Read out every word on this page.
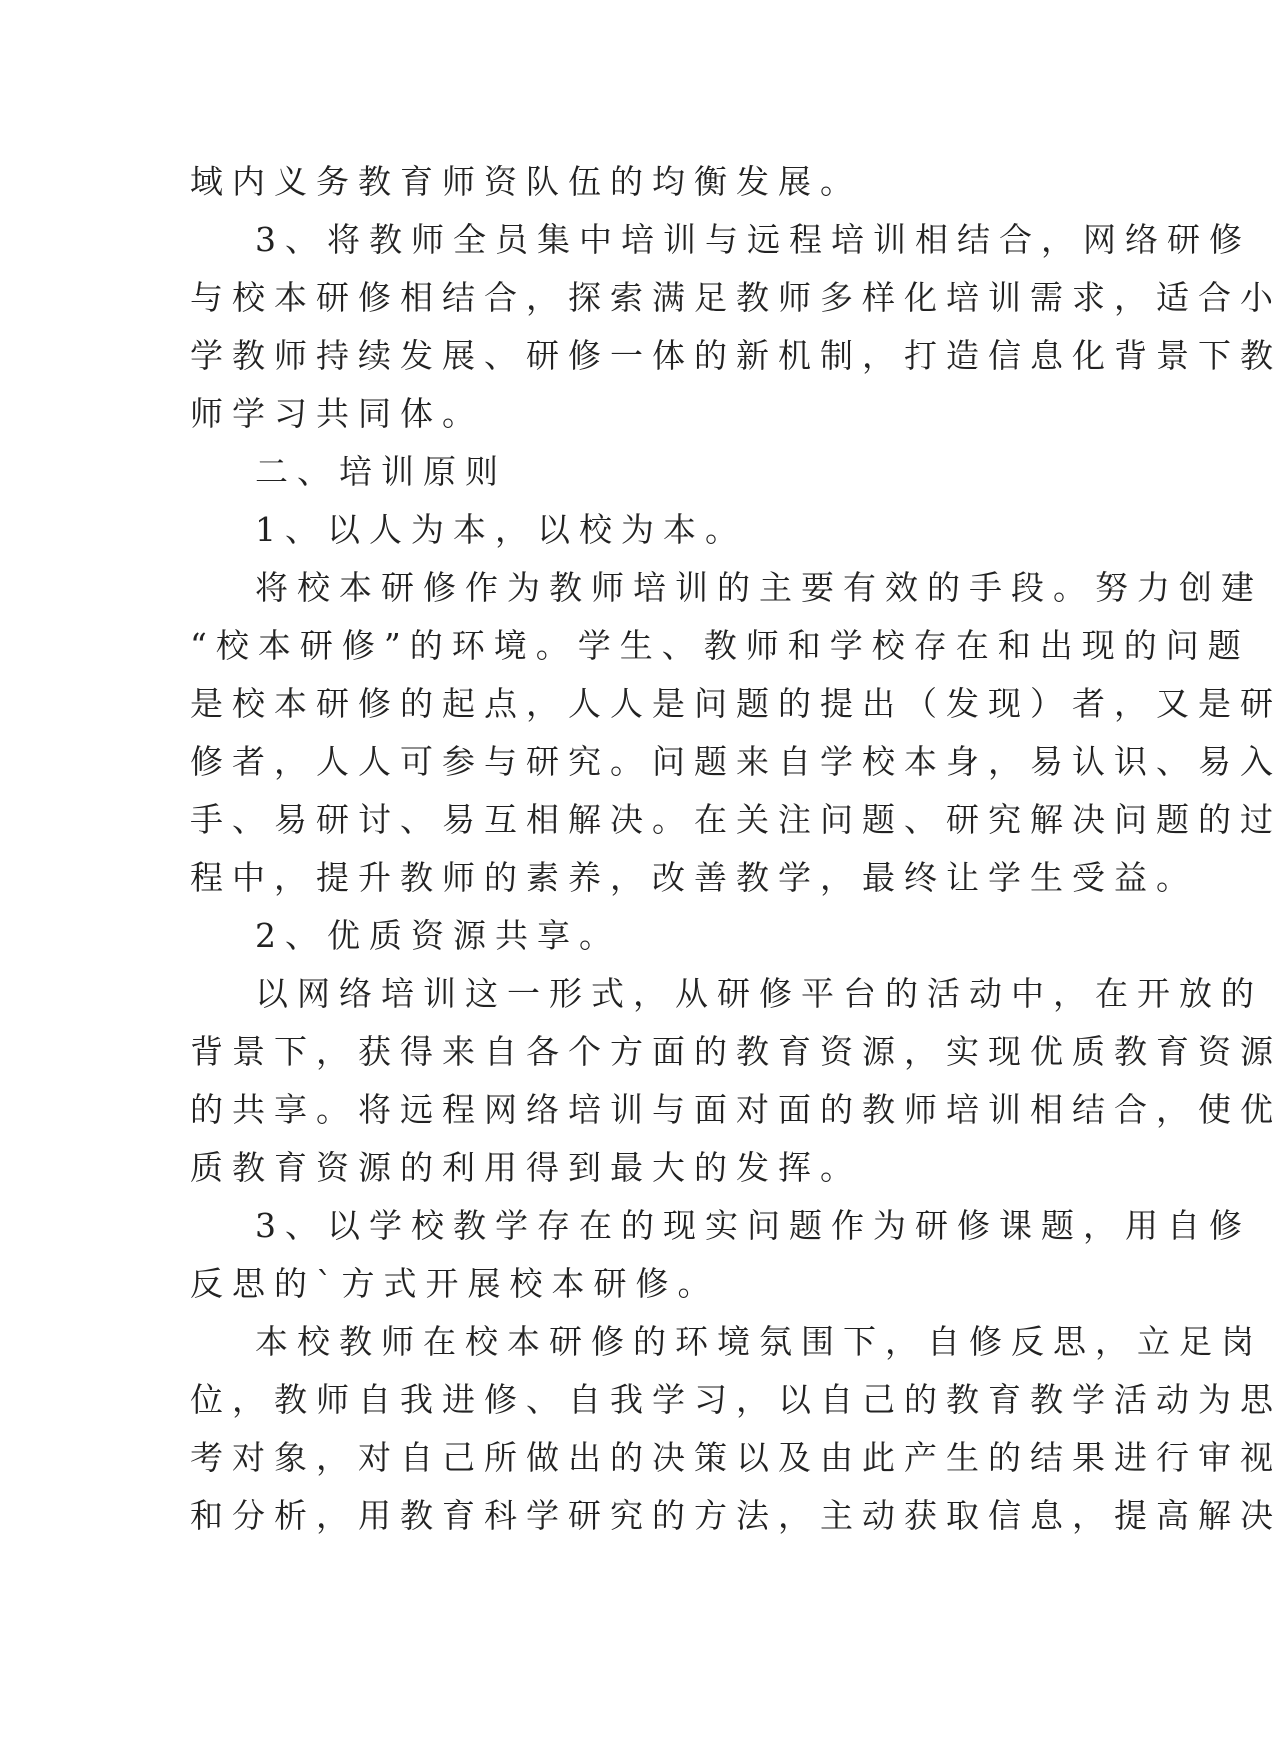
域内义务教育师资队伍的均衡发展。
3、将教师全员集中培训与远程培训相结合，网络研修
与校本研修相结合，探索满足教师多样化培训需求，适合小
学教师持续发展、研修一体的新机制，打造信息化背景下教
师学习共同体。
二、培训原则
1、以人为本，以校为本。
将校本研修作为教师培训的主要有效的手段。努力创建
“校本研修”的环境。学生、教师和学校存在和出现的问题
是校本研修的起点，人人是问题的提出（发现）者，又是研
修者，人人可参与研究。问题来自学校本身，易认识、易入
手、易研讨、易互相解决。在关注问题、研究解决问题的过
程中，提升教师的素养，改善教学，最终让学生受益。
2、优质资源共享。
以网络培训这一形式，从研修平台的活动中，在开放的
背景下，获得来自各个方面的教育资源，实现优质教育资源
的共享。将远程网络培训与面对面的教师培训相结合，使优
质教育资源的利用得到最大的发挥。
3、以学校教学存在的现实问题作为研修课题，用自修
反思的`方式开展校本研修。
本校教师在校本研修的环境氛围下，自修反思，立足岗
位，教师自我进修、自我学习，以自己的教育教学活动为思
考对象，对自己所做出的决策以及由此产生的结果进行审视
和分析，用教育科学研究的方法，主动获取信息，提高解决
